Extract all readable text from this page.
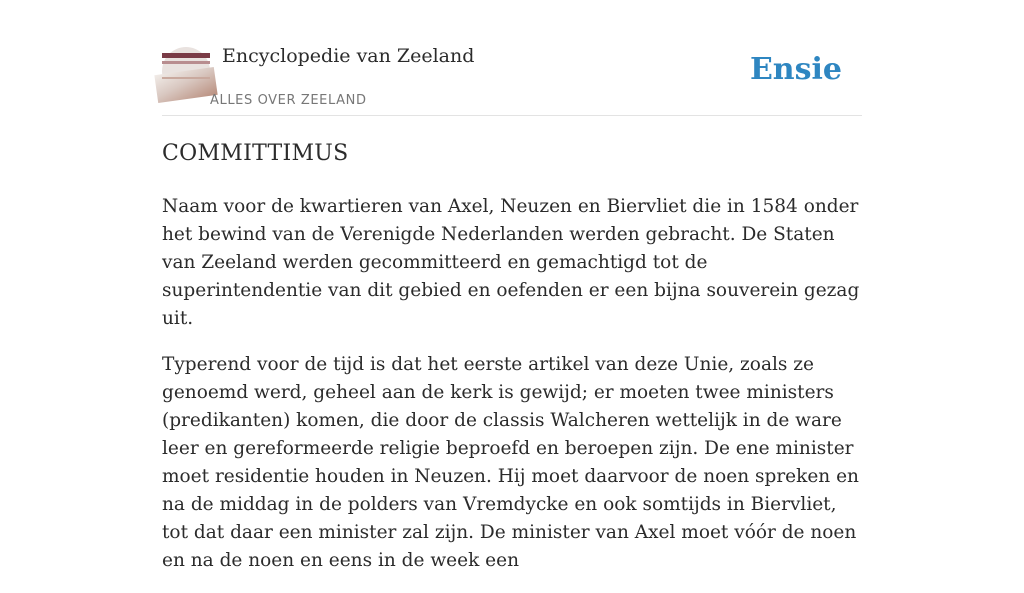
Encyclopedie van Zeeland
ALLES OVER ZEELAND
Ensie
COMMITTIMUS

Naam voor de kwartieren van Axel, Neuzen en Biervliet die in 1584 onder het bewind van de Verenigde Nederlanden werden gebracht. De Staten van Zeeland werden gecommitteerd en gemachtigd tot de superintendentie van dit gebied en oefenden er een bijna souverein gezag uit.

Typerend voor de tijd is dat het eerste artikel van deze Unie, zoals ze genoemd werd, geheel aan de kerk is gewijd; er moeten twee ministers (predikanten) komen, die door de classis Walcheren wettelijk in de ware leer en gereformeerde religie beproefd en beroepen zijn. De ene minister moet residentie houden in Neuzen. Hij moet daarvoor de noen spreken en na de middag in de polders van Vremdycke en ook somtijds in Biervliet, tot dat daar een minister zal zijn. De minister van Axel moet vóór de noen en na de noen en eens in de week een
